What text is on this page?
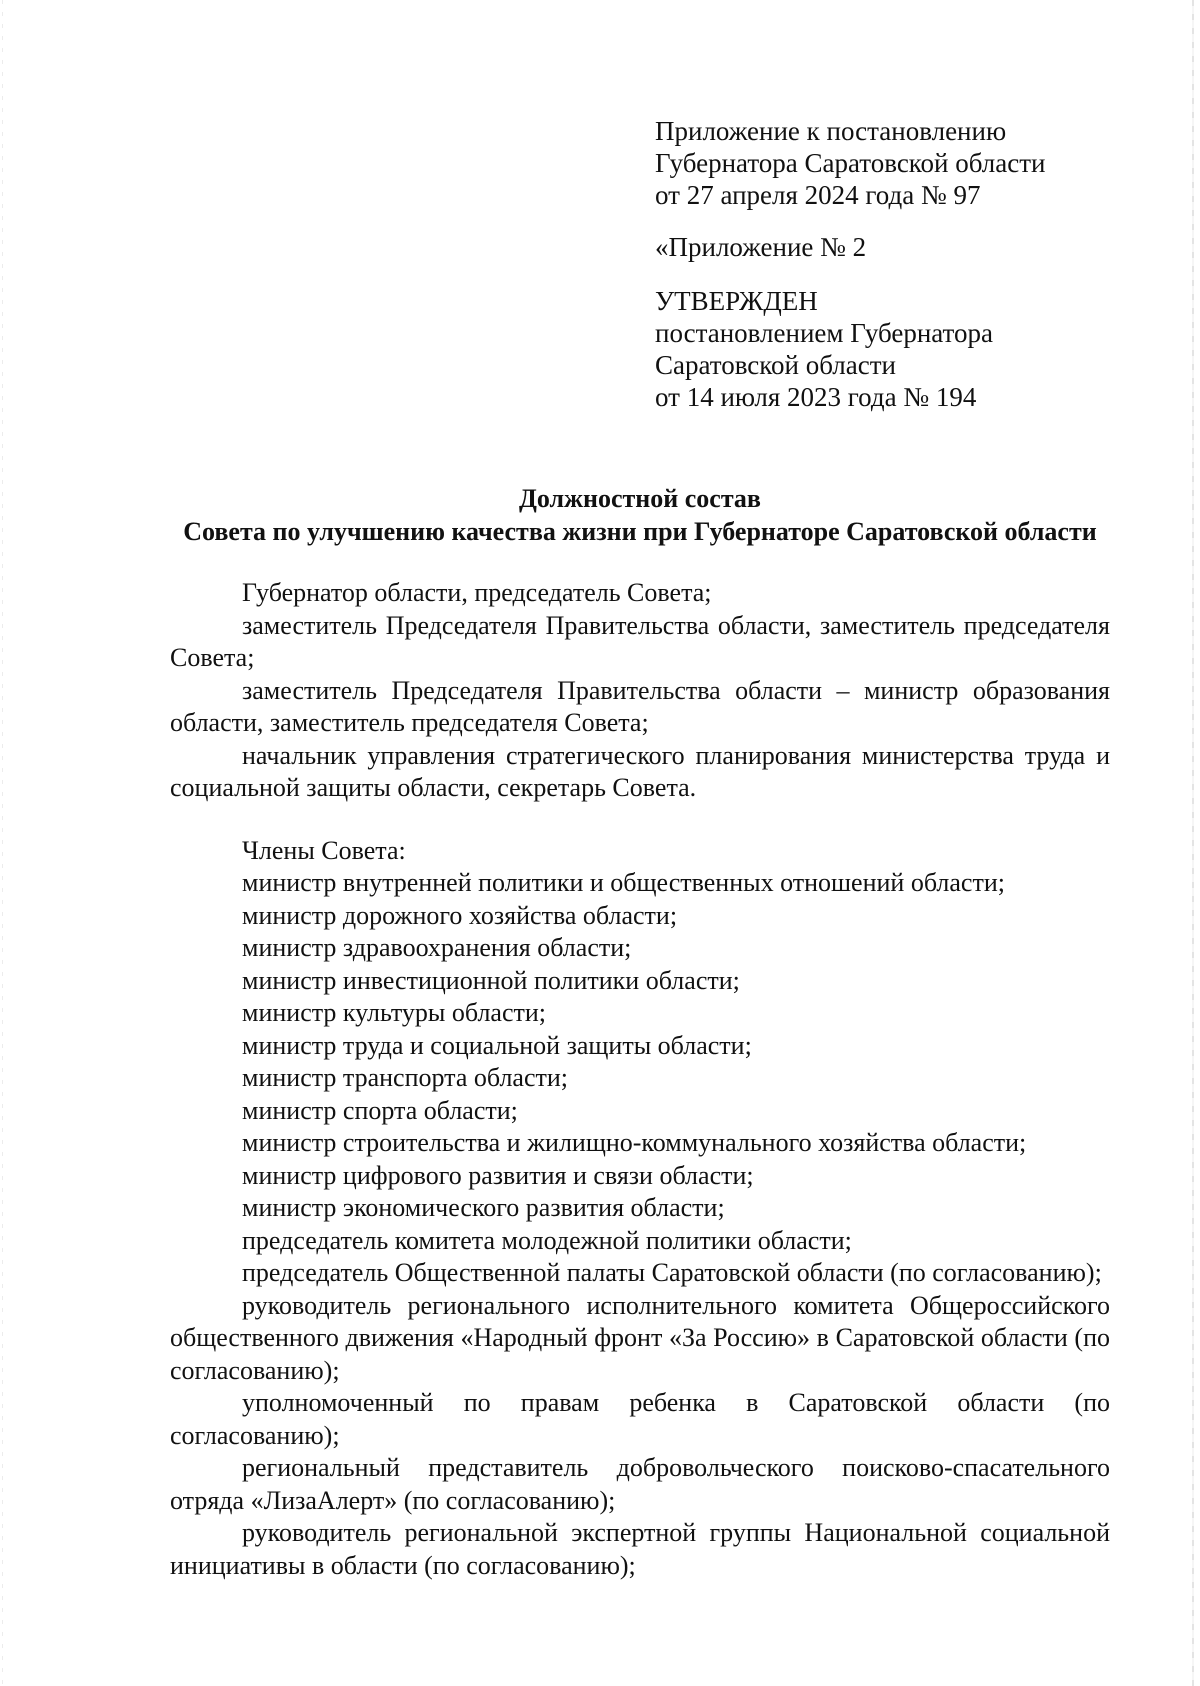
Приложение к постановлению
Губернатора Саратовской области
от 27 апреля 2024 года № 97
«Приложение № 2
УТВЕРЖДЕН
постановлением Губернатора
Саратовской области
от 14 июля 2023 года № 194
Должностной состав
Совета по улучшению качества жизни при Губернаторе Саратовской области

Губернатор области, председатель Совета;

заместитель Председателя Правительства области, заместитель председателя Совета;

заместитель Председателя Правительства области – министр образования области, заместитель председателя Совета;

начальник управления стратегического планирования министерства труда и социальной защиты области, секретарь Совета.

Члены Совета:

министр внутренней политики и общественных отношений области;

министр дорожного хозяйства области;

министр здравоохранения области;

министр инвестиционной политики области;

министр культуры области;

министр труда и социальной защиты области;

министр транспорта области;

министр спорта области;

министр строительства и жилищно-коммунального хозяйства области;

министр цифрового развития и связи области;

министр экономического развития области;

председатель комитета молодежной политики области;

председатель Общественной палаты Саратовской области (по согласованию);

руководитель регионального исполнительного комитета Общероссийского общественного движения «Народный фронт «За Россию» в Саратовской области (по согласованию);

уполномоченный по правам ребенка в Саратовской области (по согласованию);

региональный представитель добровольческого поисково-спасательного отряда «ЛизаАлерт» (по согласованию);

руководитель региональной экспертной группы Национальной социальной инициативы в области (по согласованию);
